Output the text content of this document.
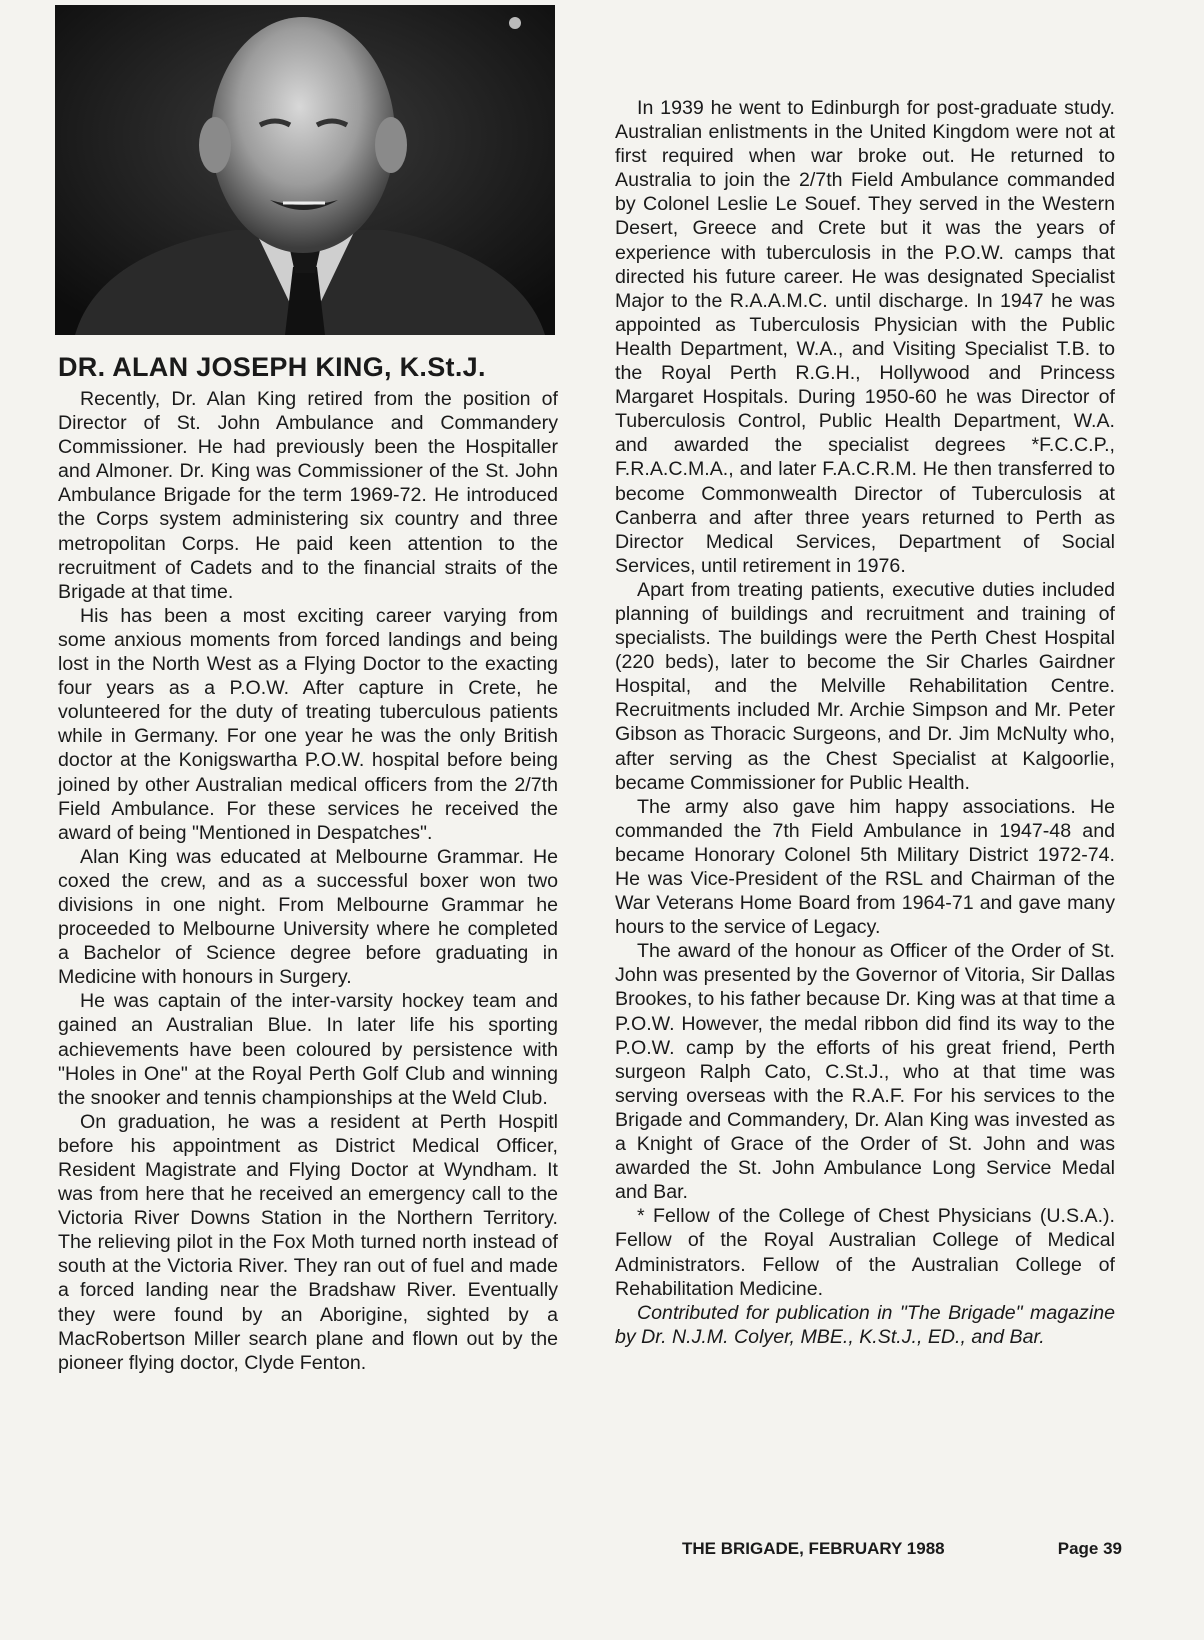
DR. ALAN JOSEPH KING, K.St.J.

Recently, Dr. Alan King retired from the position of Director of St. John Ambulance and Commandery Commissioner. He had previously been the Hospitaller and Almoner. Dr. King was Commissioner of the St. John Ambulance Brigade for the term 1969-72. He introduced the Corps system administering six country and three metropolitan Corps. He paid keen attention to the recruitment of Cadets and to the financial straits of the Brigade at that time.

His has been a most exciting career varying from some anxious moments from forced landings and being lost in the North West as a Flying Doctor to the exacting four years as a P.O.W. After capture in Crete, he volunteered for the duty of treating tuberculous patients while in Germany. For one year he was the only British doctor at the Konigswartha P.O.W. hospital before being joined by other Australian medical officers from the 2/7th Field Ambulance. For these services he received the award of being "Mentioned in Despatches".

Alan King was educated at Melbourne Grammar. He coxed the crew, and as a successful boxer won two divisions in one night. From Melbourne Grammar he proceeded to Melbourne University where he completed a Bachelor of Science degree before graduating in Medicine with honours in Surgery.

He was captain of the inter-varsity hockey team and gained an Australian Blue. In later life his sporting achievements have been coloured by persistence with "Holes in One" at the Royal Perth Golf Club and winning the snooker and tennis championships at the Weld Club.

On graduation, he was a resident at Perth Hospitl before his appointment as District Medical Officer, Resident Magistrate and Flying Doctor at Wyndham. It was from here that he received an emergency call to the Victoria River Downs Station in the Northern Territory. The relieving pilot in the Fox Moth turned north instead of south at the Victoria River. They ran out of fuel and made a forced landing near the Bradshaw River. Eventually they were found by an Aborigine, sighted by a MacRobertson Miller search plane and flown out by the pioneer flying doctor, Clyde Fenton.

In 1939 he went to Edinburgh for post-graduate study. Australian enlistments in the United Kingdom were not at first required when war broke out. He returned to Australia to join the 2/7th Field Ambulance commanded by Colonel Leslie Le Souef. They served in the Western Desert, Greece and Crete but it was the years of experience with tuberculosis in the P.O.W. camps that directed his future career. He was designated Specialist Major to the R.A.A.M.C. until discharge. In 1947 he was appointed as Tuberculosis Physician with the Public Health Department, W.A., and Visiting Specialist T.B. to the Royal Perth R.G.H., Hollywood and Princess Margaret Hospitals. During 1950-60 he was Director of Tuberculosis Control, Public Health Department, W.A. and awarded the specialist degrees *F.C.C.P., F.R.A.C.M.A., and later F.A.C.R.M. He then transferred to become Commonwealth Director of Tuberculosis at Canberra and after three years returned to Perth as Director Medical Services, Department of Social Services, until retirement in 1976.

Apart from treating patients, executive duties included planning of buildings and recruitment and training of specialists. The buildings were the Perth Chest Hospital (220 beds), later to become the Sir Charles Gairdner Hospital, and the Melville Rehabilitation Centre. Recruitments included Mr. Archie Simpson and Mr. Peter Gibson as Thoracic Surgeons, and Dr. Jim McNulty who, after serving as the Chest Specialist at Kalgoorlie, became Commissioner for Public Health.

The army also gave him happy associations. He commanded the 7th Field Ambulance in 1947-48 and became Honorary Colonel 5th Military District 1972-74. He was Vice-President of the RSL and Chairman of the War Veterans Home Board from 1964-71 and gave many hours to the service of Legacy.

The award of the honour as Officer of the Order of St. John was presented by the Governor of Vitoria, Sir Dallas Brookes, to his father because Dr. King was at that time a P.O.W. However, the medal ribbon did find its way to the P.O.W. camp by the efforts of his great friend, Perth surgeon Ralph Cato, C.St.J., who at that time was serving overseas with the R.A.F. For his services to the Brigade and Commandery, Dr. Alan King was invested as a Knight of Grace of the Order of St. John and was awarded the St. John Ambulance Long Service Medal and Bar.

* Fellow of the College of Chest Physicians (U.S.A.). Fellow of the Royal Australian College of Medical Administrators. Fellow of the Australian College of Rehabilitation Medicine.

Contributed for publication in "The Brigade" magazine by Dr. N.J.M. Colyer, MBE., K.St.J., ED., and Bar.

THE BRIGADE, FEBRUARY 1988	Page 39
